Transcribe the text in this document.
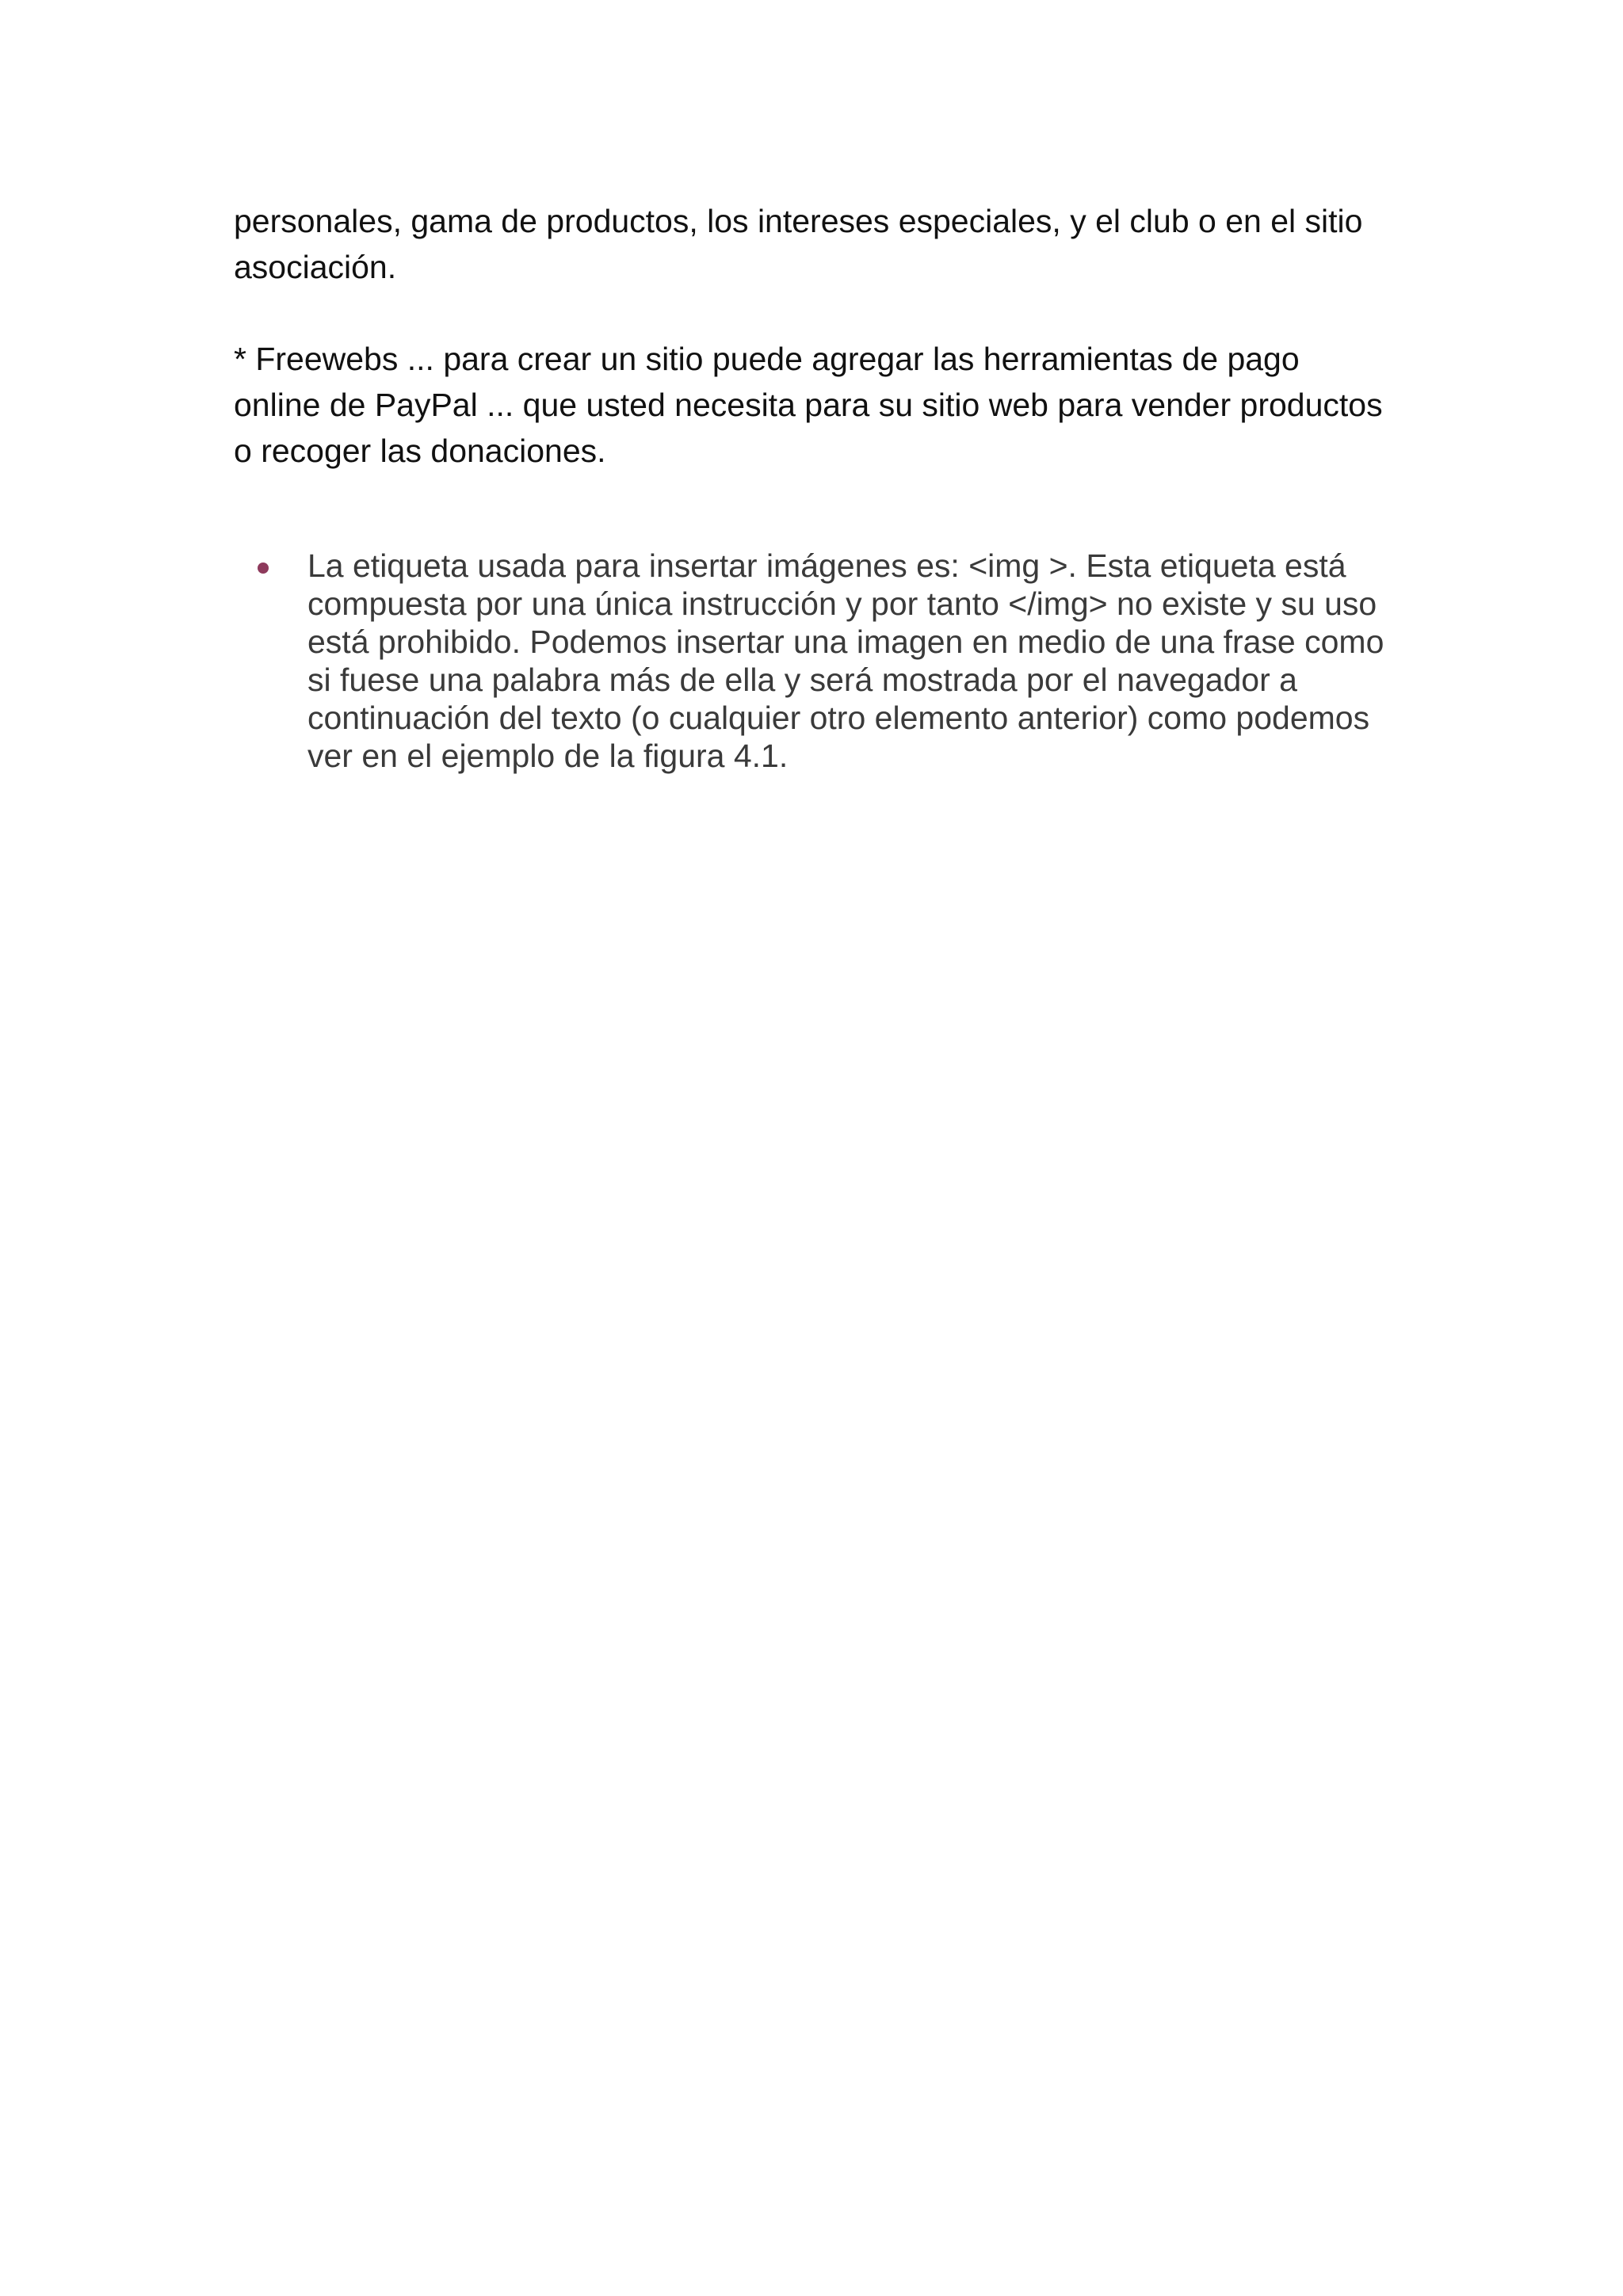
personales, gama de productos, los intereses especiales, y el club o en el sitio
asociación.

* Freewebs ... para crear un sitio puede agregar las herramientas de pago
online de PayPal ... que usted necesita para su sitio web para vender productos
o recoger las donaciones.

La etiqueta usada para insertar imágenes es: <img >. Esta etiqueta está
compuesta por una única instrucción y por tanto </img> no existe y su uso
está prohibido. Podemos insertar una imagen en medio de una frase como
si fuese una palabra más de ella y será mostrada por el navegador a
continuación del texto (o cualquier otro elemento anterior) como podemos
ver en el ejemplo de la figura 4.1.
